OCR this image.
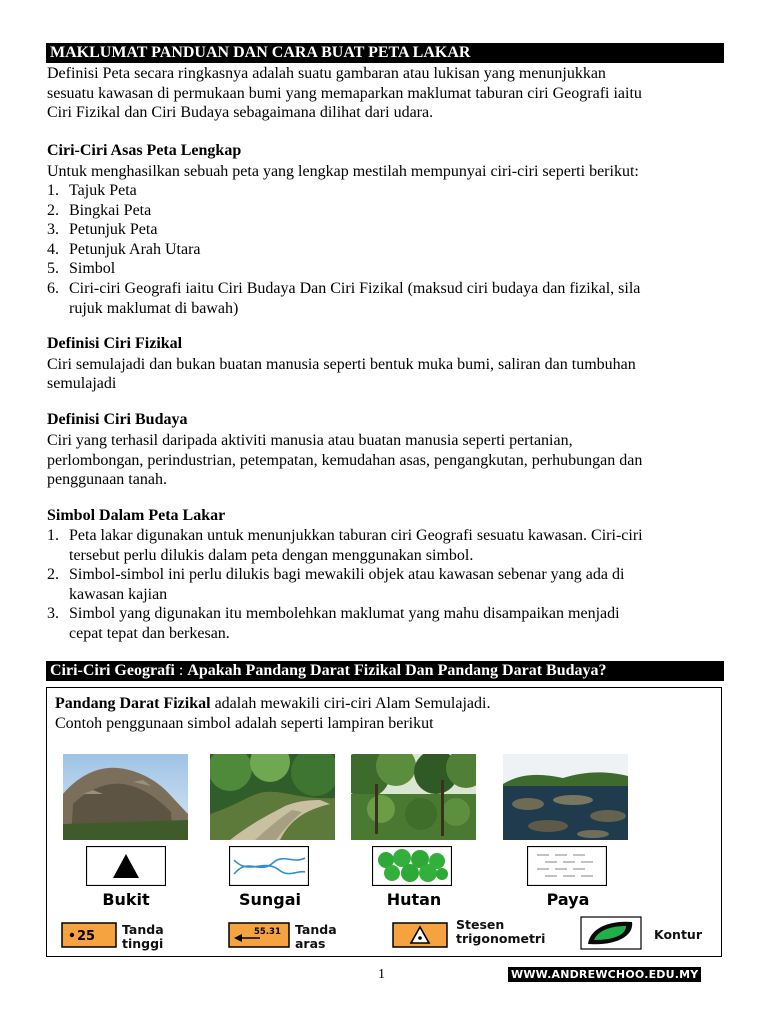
MAKLUMAT PANDUAN DAN CARA BUAT PETA LAKAR
Definisi Peta secara ringkasnya adalah suatu gambaran atau lukisan yang menunjukkan
sesuatu kawasan di permukaan bumi yang memaparkan maklumat taburan ciri Geografi iaitu
Ciri Fizikal dan Ciri Budaya sebagaimana dilihat dari udara.
Ciri-Ciri Asas Peta Lengkap
Untuk menghasilkan sebuah peta yang lengkap mestilah mempunyai ciri-ciri seperti berikut:
1. Tajuk Peta
2. Bingkai Peta
3. Petunjuk Peta
4. Petunjuk Arah Utara
5. Simbol
6. Ciri-ciri Geografi iaitu Ciri Budaya Dan Ciri Fizikal (maksud ciri budaya dan fizikal, sila
rujuk maklumat di bawah)
Definisi Ciri Fizikal
Ciri semulajadi dan bukan buatan manusia seperti bentuk muka bumi, saliran dan tumbuhan
semulajadi
Definisi Ciri Budaya
Ciri yang terhasil daripada aktiviti manusia atau buatan manusia seperti pertanian,
perlombongan, perindustrian, petempatan, kemudahan asas, pengangkutan, perhubungan dan
penggunaan tanah.
Simbol Dalam Peta Lakar
1. Peta lakar digunakan untuk menunjukkan taburan ciri Geografi sesuatu kawasan. Ciri-ciri
tersebut perlu dilukis dalam peta dengan menggunakan simbol.
2. Simbol-simbol ini perlu dilukis bagi mewakili objek atau kawasan sebenar yang ada di
kawasan kajian
3. Simbol yang digunakan itu membolehkan maklumat yang mahu disampaikan menjadi
cepat tepat dan berkesan.
Ciri-Ciri Geografi : Apakah Pandang Darat Fizikal Dan Pandang Darat Budaya?
Pandang Darat Fizikal adalah mewakili ciri-ciri Alam Semulajadi.
Contoh penggunaan simbol adalah seperti lampiran berikut
Bukit	Sungai	Hutan	Paya
25 Tanda
tinggi
55.31 Tanda
aras
Stesen
trigonometri	Kontur
1	WWW.ANDREWCHOO.EDU.MY
